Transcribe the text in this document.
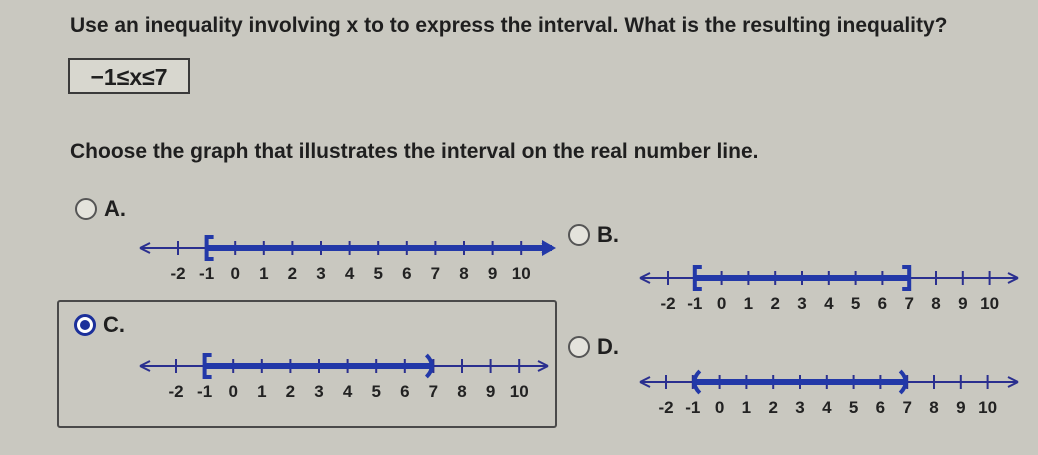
Use an inequality involving x to to express the interval. What is the resulting inequality?
−1≤x≤7
Choose the graph that illustrates the interval on the real number line.
A.
-2 -1 0 1 2 3 4 5 6 7 8 9 10
B.
-2 -1 0 1 2 3 4 5 6 7 8 9 10
C.
-2 -1 0 1 2 3 4 5 6 7 8 9 10
D.
-2 -1 0 1 2 3 4 5 6 7 8 9 10
